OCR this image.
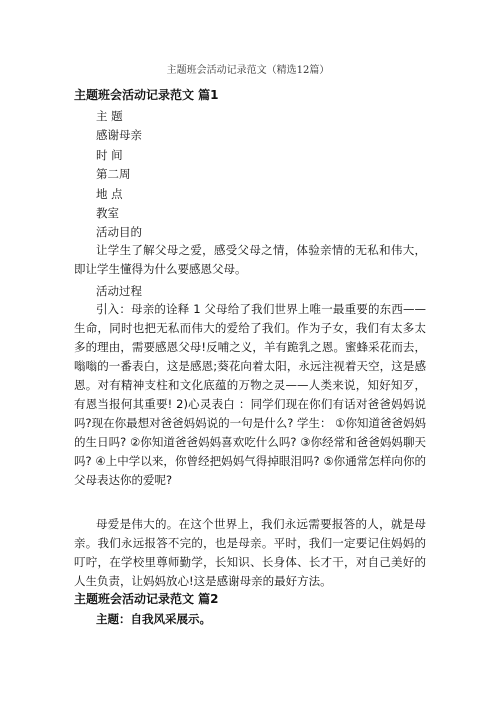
主题班会活动记录范文（精选12篇）
主题班会活动记录范文 篇1
主 题
感谢母亲
时 间
第二周
地 点
教室
活动目的
让学生了解父母之爱，感受父母之情，体验亲情的无私和伟大，即让学生懂得为什么要感恩父母。
活动过程
引入：母亲的诠释 1 父母给了我们世界上唯一最重要的东西——生命，同时也把无私而伟大的爱给了我们。作为子女，我们有太多太多的理由，需要感恩父母!反哺之义，羊有跪乳之恩。蜜蜂采花而去，嗡嗡的一番表白，这是感恩;葵花向着太阳，永远注视着天空，这是感恩。对有精神支柱和文化底蕴的万物之灵——人类来说，知好知歹，有恩当报何其重要! 2)心灵表白 ：同学们现在你们有话对爸爸妈妈说吗?现在你最想对爸爸妈妈说的一句是什么? 学生： ①你知道爸爸妈妈的生日吗? ②你知道爸爸妈妈喜欢吃什么吗? ③你经常和爸爸妈妈聊天吗? ④上中学以来，你曾经把妈妈气得掉眼泪吗? ⑤你通常怎样向你的父母表达你的爱呢?
母爱是伟大的。在这个世界上，我们永远需要报答的人，就是母亲。我们永远报答不完的，也是母亲。平时，我们一定要记住妈妈的叮咛，在学校里尊师勤学，长知识、长身体、长才干，对自己美好的人生负责，让妈妈放心!这是感谢母亲的最好方法。
主题班会活动记录范文 篇2
主题：自我风采展示。
